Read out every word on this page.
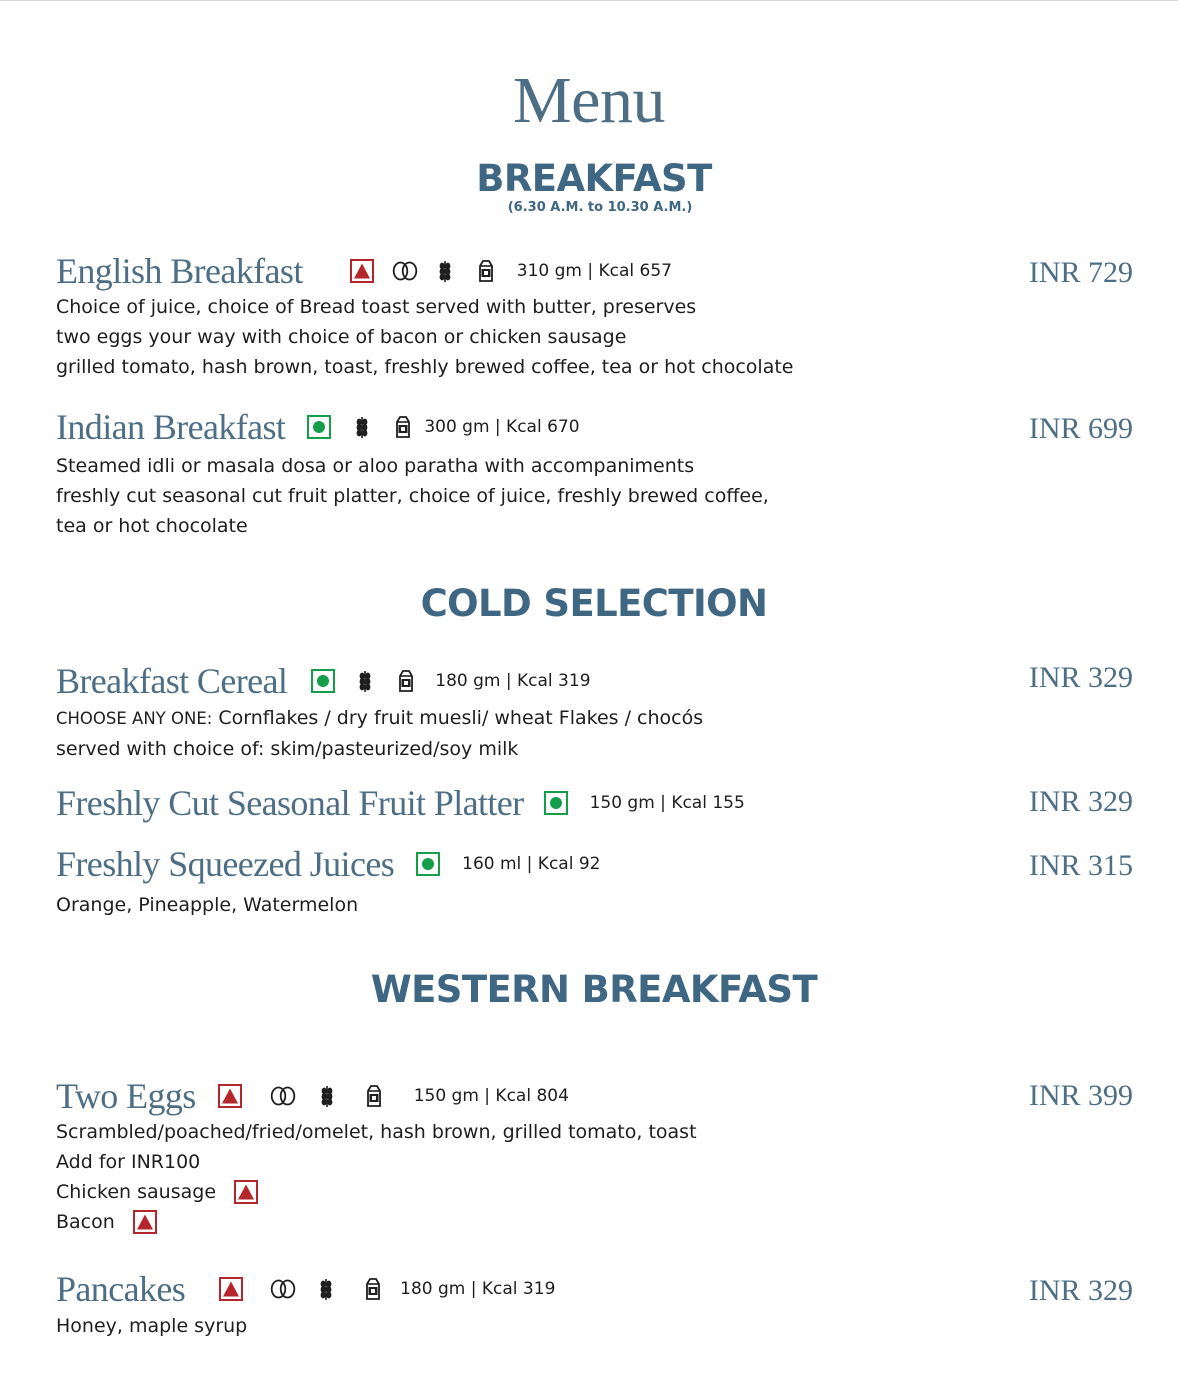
Menu
BREAKFAST
(6.30 A.M. to 10.30 A.M.)
English Breakfast	310 gm | Kcal 657	INR 729
Choice of juice, choice of Bread toast served with butter, preserves
two eggs your way with choice of bacon or chicken sausage
grilled tomato, hash brown, toast, freshly brewed coffee, tea or hot chocolate
Indian Breakfast	300 gm | Kcal 670	INR 699
Steamed idli or masala dosa or aloo paratha with accompaniments
freshly cut seasonal cut fruit platter, choice of juice, freshly brewed coffee,
tea or hot chocolate
COLD SELECTION
Breakfast Cereal	180 gm | Kcal 319	INR 329
CHOOSE ANY ONE: Cornflakes / dry fruit muesli/ wheat Flakes / chocós
served with choice of: skim/pasteurized/soy milk
Freshly Cut Seasonal Fruit Platter	150 gm | Kcal 155	INR 329
Freshly Squeezed Juices	160 ml | Kcal 92	INR 315
Orange, Pineapple, Watermelon
WESTERN BREAKFAST
Two Eggs	150 gm | Kcal 804	INR 399
Scrambled/poached/fried/omelet, hash brown, grilled tomato, toast
Add for INR100
Chicken sausage
Bacon
Pancakes	180 gm | Kcal 319	INR 329
Honey, maple syrup
